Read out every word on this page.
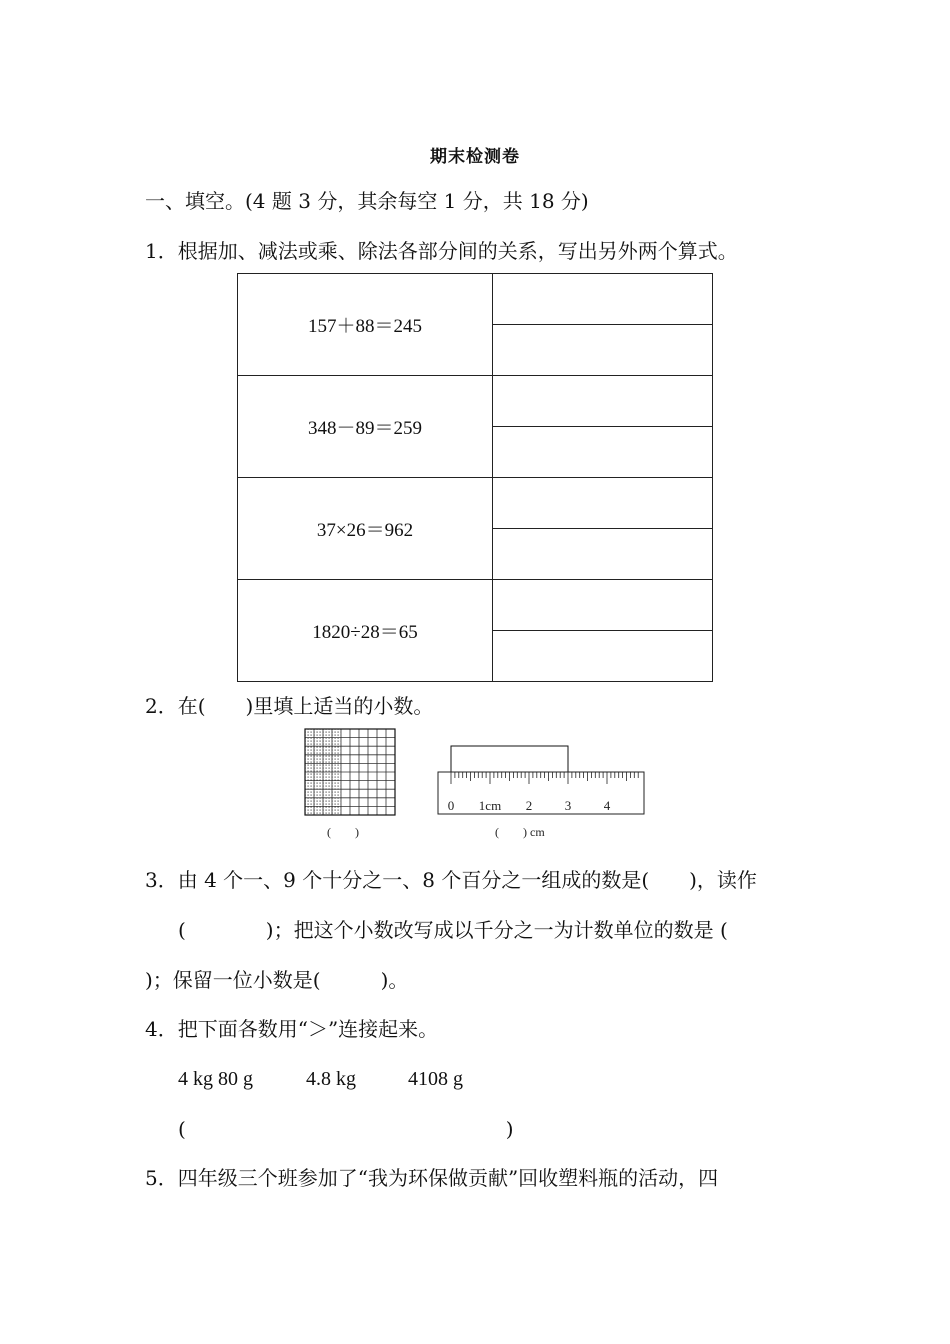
期末检测卷
一、填空。(4 题 3 分，其余每空 1 分，共 18 分)
1．根据加、减法或乘、除法各部分间的关系，写出另外两个算式。
157＋88＝245	

348－89＝259	

37×26＝962	

1820÷28＝65	

2．在(　　)里填上适当的小数。
(　　)
0 1cm 2	3	4
(　　) cm
3．由 4 个一、9 个十分之一、8 个百分之一组成的数是(　　)，读作
(　　　　)；把这个小数改写成以千分之一为计数单位的数是 (
)；保留一位小数是(　　　)。
4．把下面各数用“＞”连接起来。
4 kg 80 g	4.8 kg	4108 g
(　　　　　　　　　　　　　　　　)
5．四年级三个班参加了“我为环保做贡献”回收塑料瓶的活动，四
